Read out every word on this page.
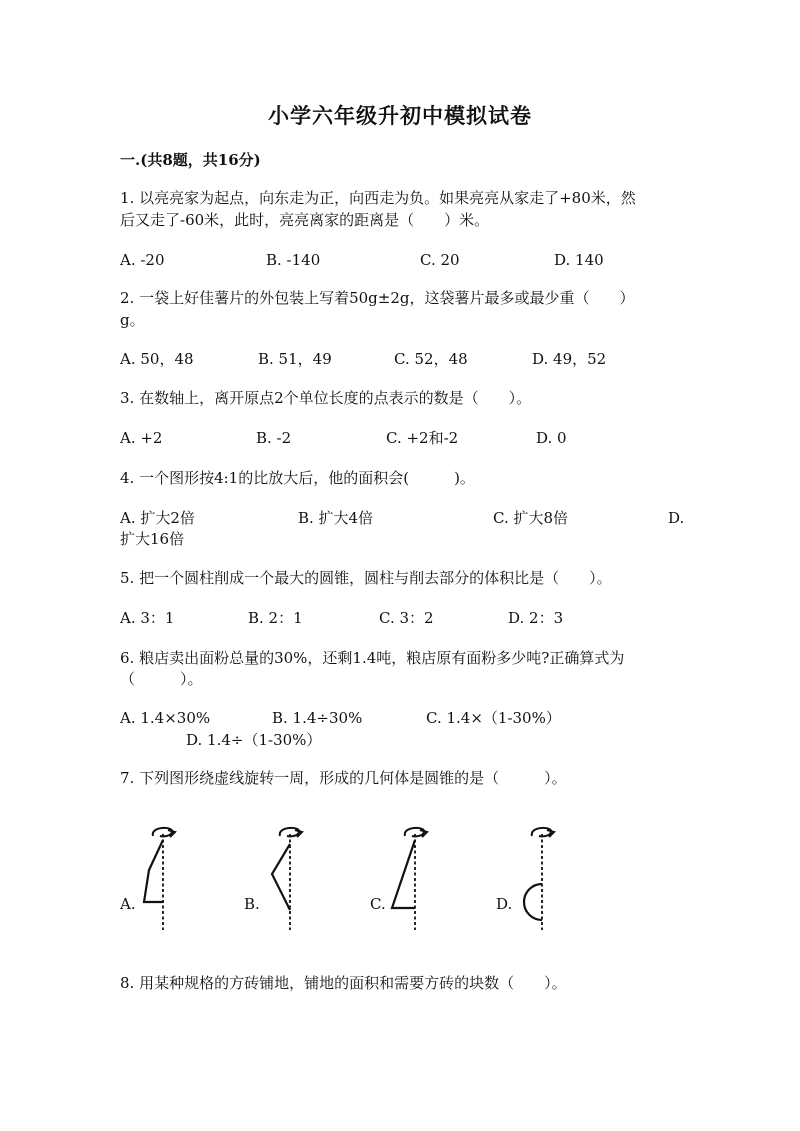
小学六年级升初中模拟试卷
一.(共8题，共16分)
1. 以亮亮家为起点，向东走为正，向西走为负。如果亮亮从家走了+80米，然
后又走了-60米，此时，亮亮离家的距离是（　　）米。
A. -20	B. -140	C. 20	D. 140
2. 一袋上好佳薯片的外包装上写着50g±2g，这袋薯片最多或最少重（　　）
g。
A. 50，48	B. 51，49	C. 52，48	D. 49，52
3. 在数轴上，离开原点2个单位长度的点表示的数是（　　）。
A. +2	B. -2	C. +2和-2	D. 0
4. 一个图形按4:1的比放大后，他的面积会(　　　)。
A. 扩大2倍	B. 扩大4倍	C. 扩大8倍	D.
扩大16倍
5. 把一个圆柱削成一个最大的圆锥，圆柱与削去部分的体积比是（　　）。
A. 3：1	B. 2：1	C. 3：2	D. 2：3
6. 粮店卖出面粉总量的30%，还剩1.4吨，粮店原有面粉多少吨?正确算式为
（　　　）。
A. 1.4×30%	B. 1.4÷30%	C. 1.4×（1-30%）
D. 1.4÷（1-30%）
7. 下列图形绕虚线旋转一周，形成的几何体是圆锥的是（　　　）。
A.	B.	C.	D.
8. 用某种规格的方砖铺地，铺地的面积和需要方砖的块数（　　）。
